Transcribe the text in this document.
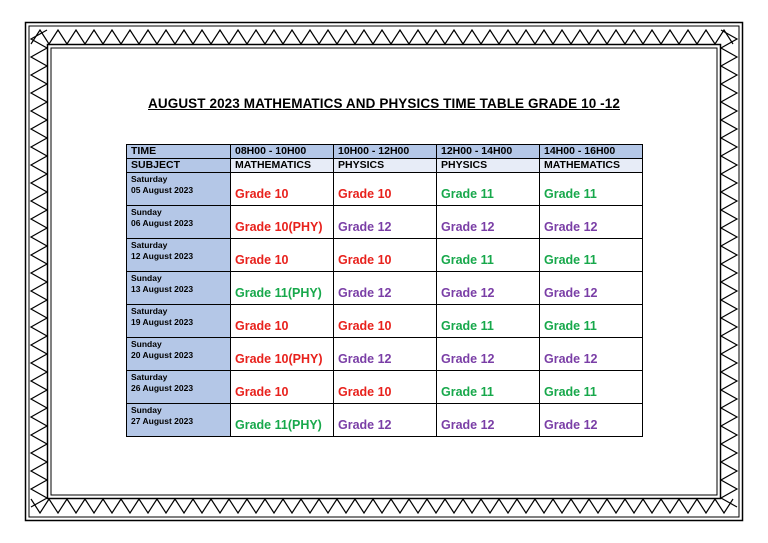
AUGUST 2023 MATHEMATICS AND PHYSICS TIME TABLE GRADE 10 -12
TIME	08H00 - 10H00	10H00 - 12H00	12H00 - 14H00	14H00 - 16H00
SUBJECT	MATHEMATICS	PHYSICS	PHYSICS	MATHEMATICS

Saturday
05 August 2023	Grade 10	Grade 10	Grade 11	Grade 11

Sunday
06 August 2023	Grade 10(PHY)	Grade 12	Grade 12	Grade 12

Saturday
12 August 2023	Grade 10	Grade 10	Grade 11	Grade 11

Sunday
13 August 2023	Grade 11(PHY)	Grade 12	Grade 12	Grade 12

Saturday
19 August 2023	Grade 10	Grade 10	Grade 11	Grade 11

Sunday
20 August 2023	Grade 10(PHY)	Grade 12	Grade 12	Grade 12

Saturday
26 August 2023	Grade 10	Grade 10	Grade 11	Grade 11

Sunday
27 August 2023	Grade 11(PHY)	Grade 12	Grade 12	Grade 12
